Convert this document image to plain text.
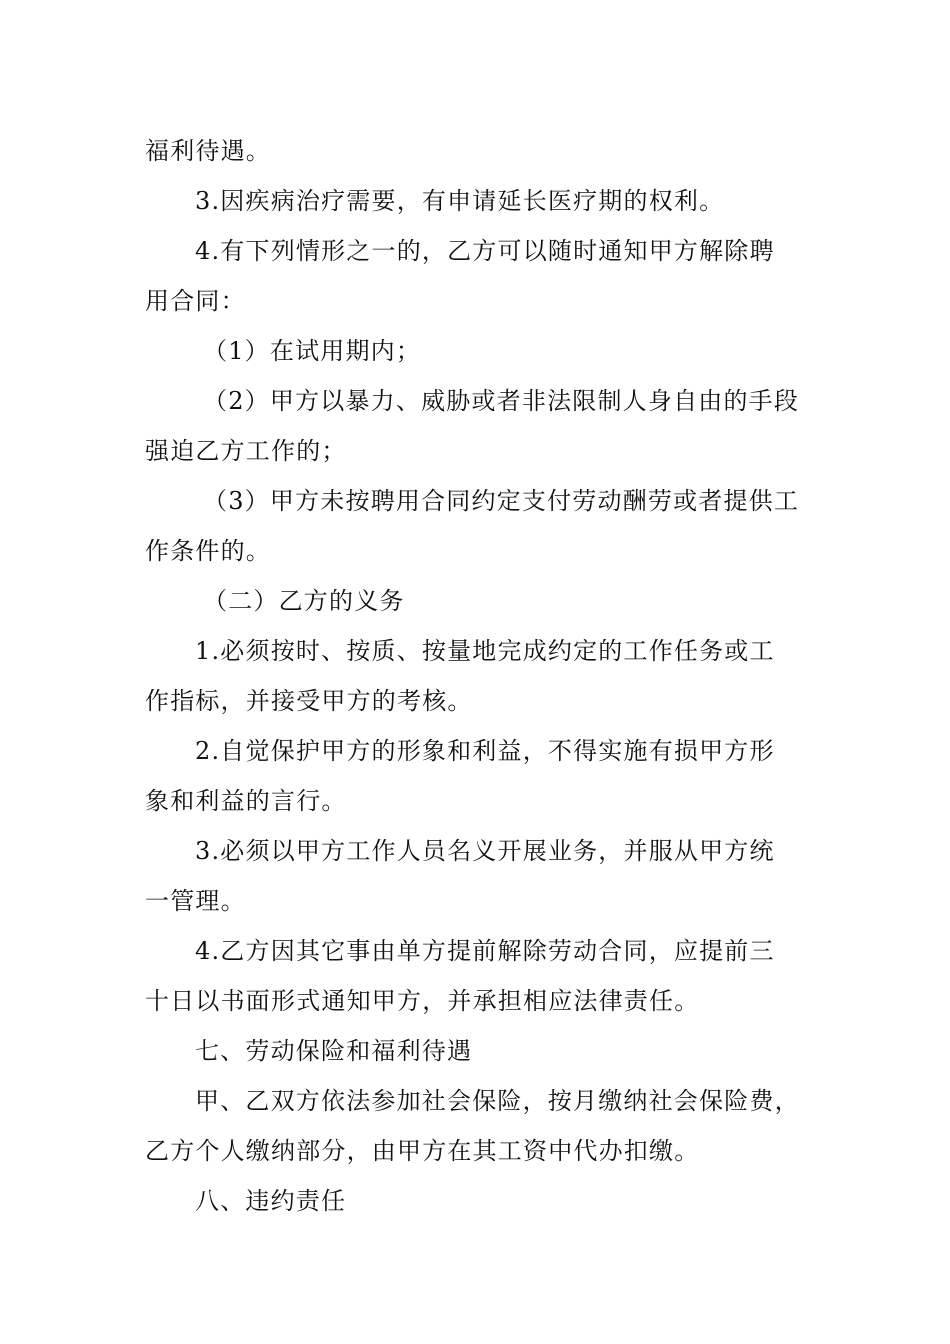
福利待遇。
3.因疾病治疗需要，有申请延长医疗期的权利。
4.有下列情形之一的，乙方可以随时通知甲方解除聘
用合同：
（1）在试用期内；
（2）甲方以暴力、威胁或者非法限制人身自由的手段
强迫乙方工作的；
（3）甲方未按聘用合同约定支付劳动酬劳或者提供工
作条件的。
（二）乙方的义务
1.必须按时、按质、按量地完成约定的工作任务或工
作指标，并接受甲方的考核。
2.自觉保护甲方的形象和利益，不得实施有损甲方形
象和利益的言行。
3.必须以甲方工作人员名义开展业务，并服从甲方统
一管理。
4.乙方因其它事由单方提前解除劳动合同，应提前三
十日以书面形式通知甲方，并承担相应法律责任。
七、劳动保险和福利待遇
甲、乙双方依法参加社会保险，按月缴纳社会保险费，
乙方个人缴纳部分，由甲方在其工资中代办扣缴。
八、违约责任
